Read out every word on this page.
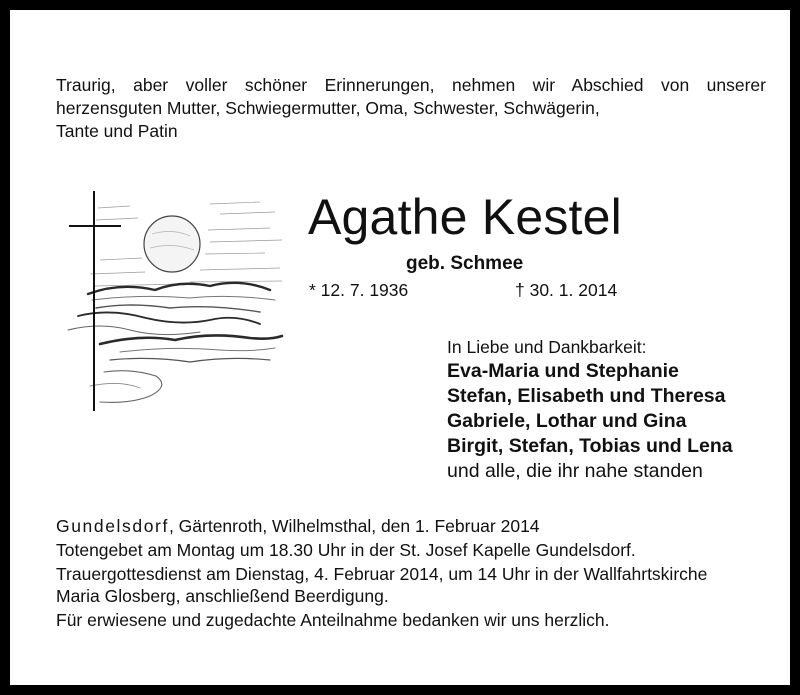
Traurig, aber voller schöner Erinnerungen, nehmen wir Abschied von unserer
herzensguten Mutter, Schwiegermutter, Oma, Schwester, Schwägerin,
Tante und Patin

Agathe Kestel
geb. Schmee
* 12. 7. 1936	† 30. 1. 2014
In Liebe und Dankbarkeit:
Eva-Maria und Stephanie
Stefan, Elisabeth und Theresa
Gabriele, Lothar und Gina
Birgit, Stefan, Tobias und Lena
und alle, die ihr nahe standen
Gundelsdorf, Gärtenroth, Wilhelmsthal, den 1. Februar 2014
Totengebet am Montag um 18.30 Uhr in der St. Josef Kapelle Gundelsdorf.
Trauergottesdienst am Dienstag, 4. Februar 2014, um 14 Uhr in der Wallfahrtskirche
Maria Glosberg, anschließend Beerdigung.
Für erwiesene und zugedachte Anteilnahme bedanken wir uns herzlich.
